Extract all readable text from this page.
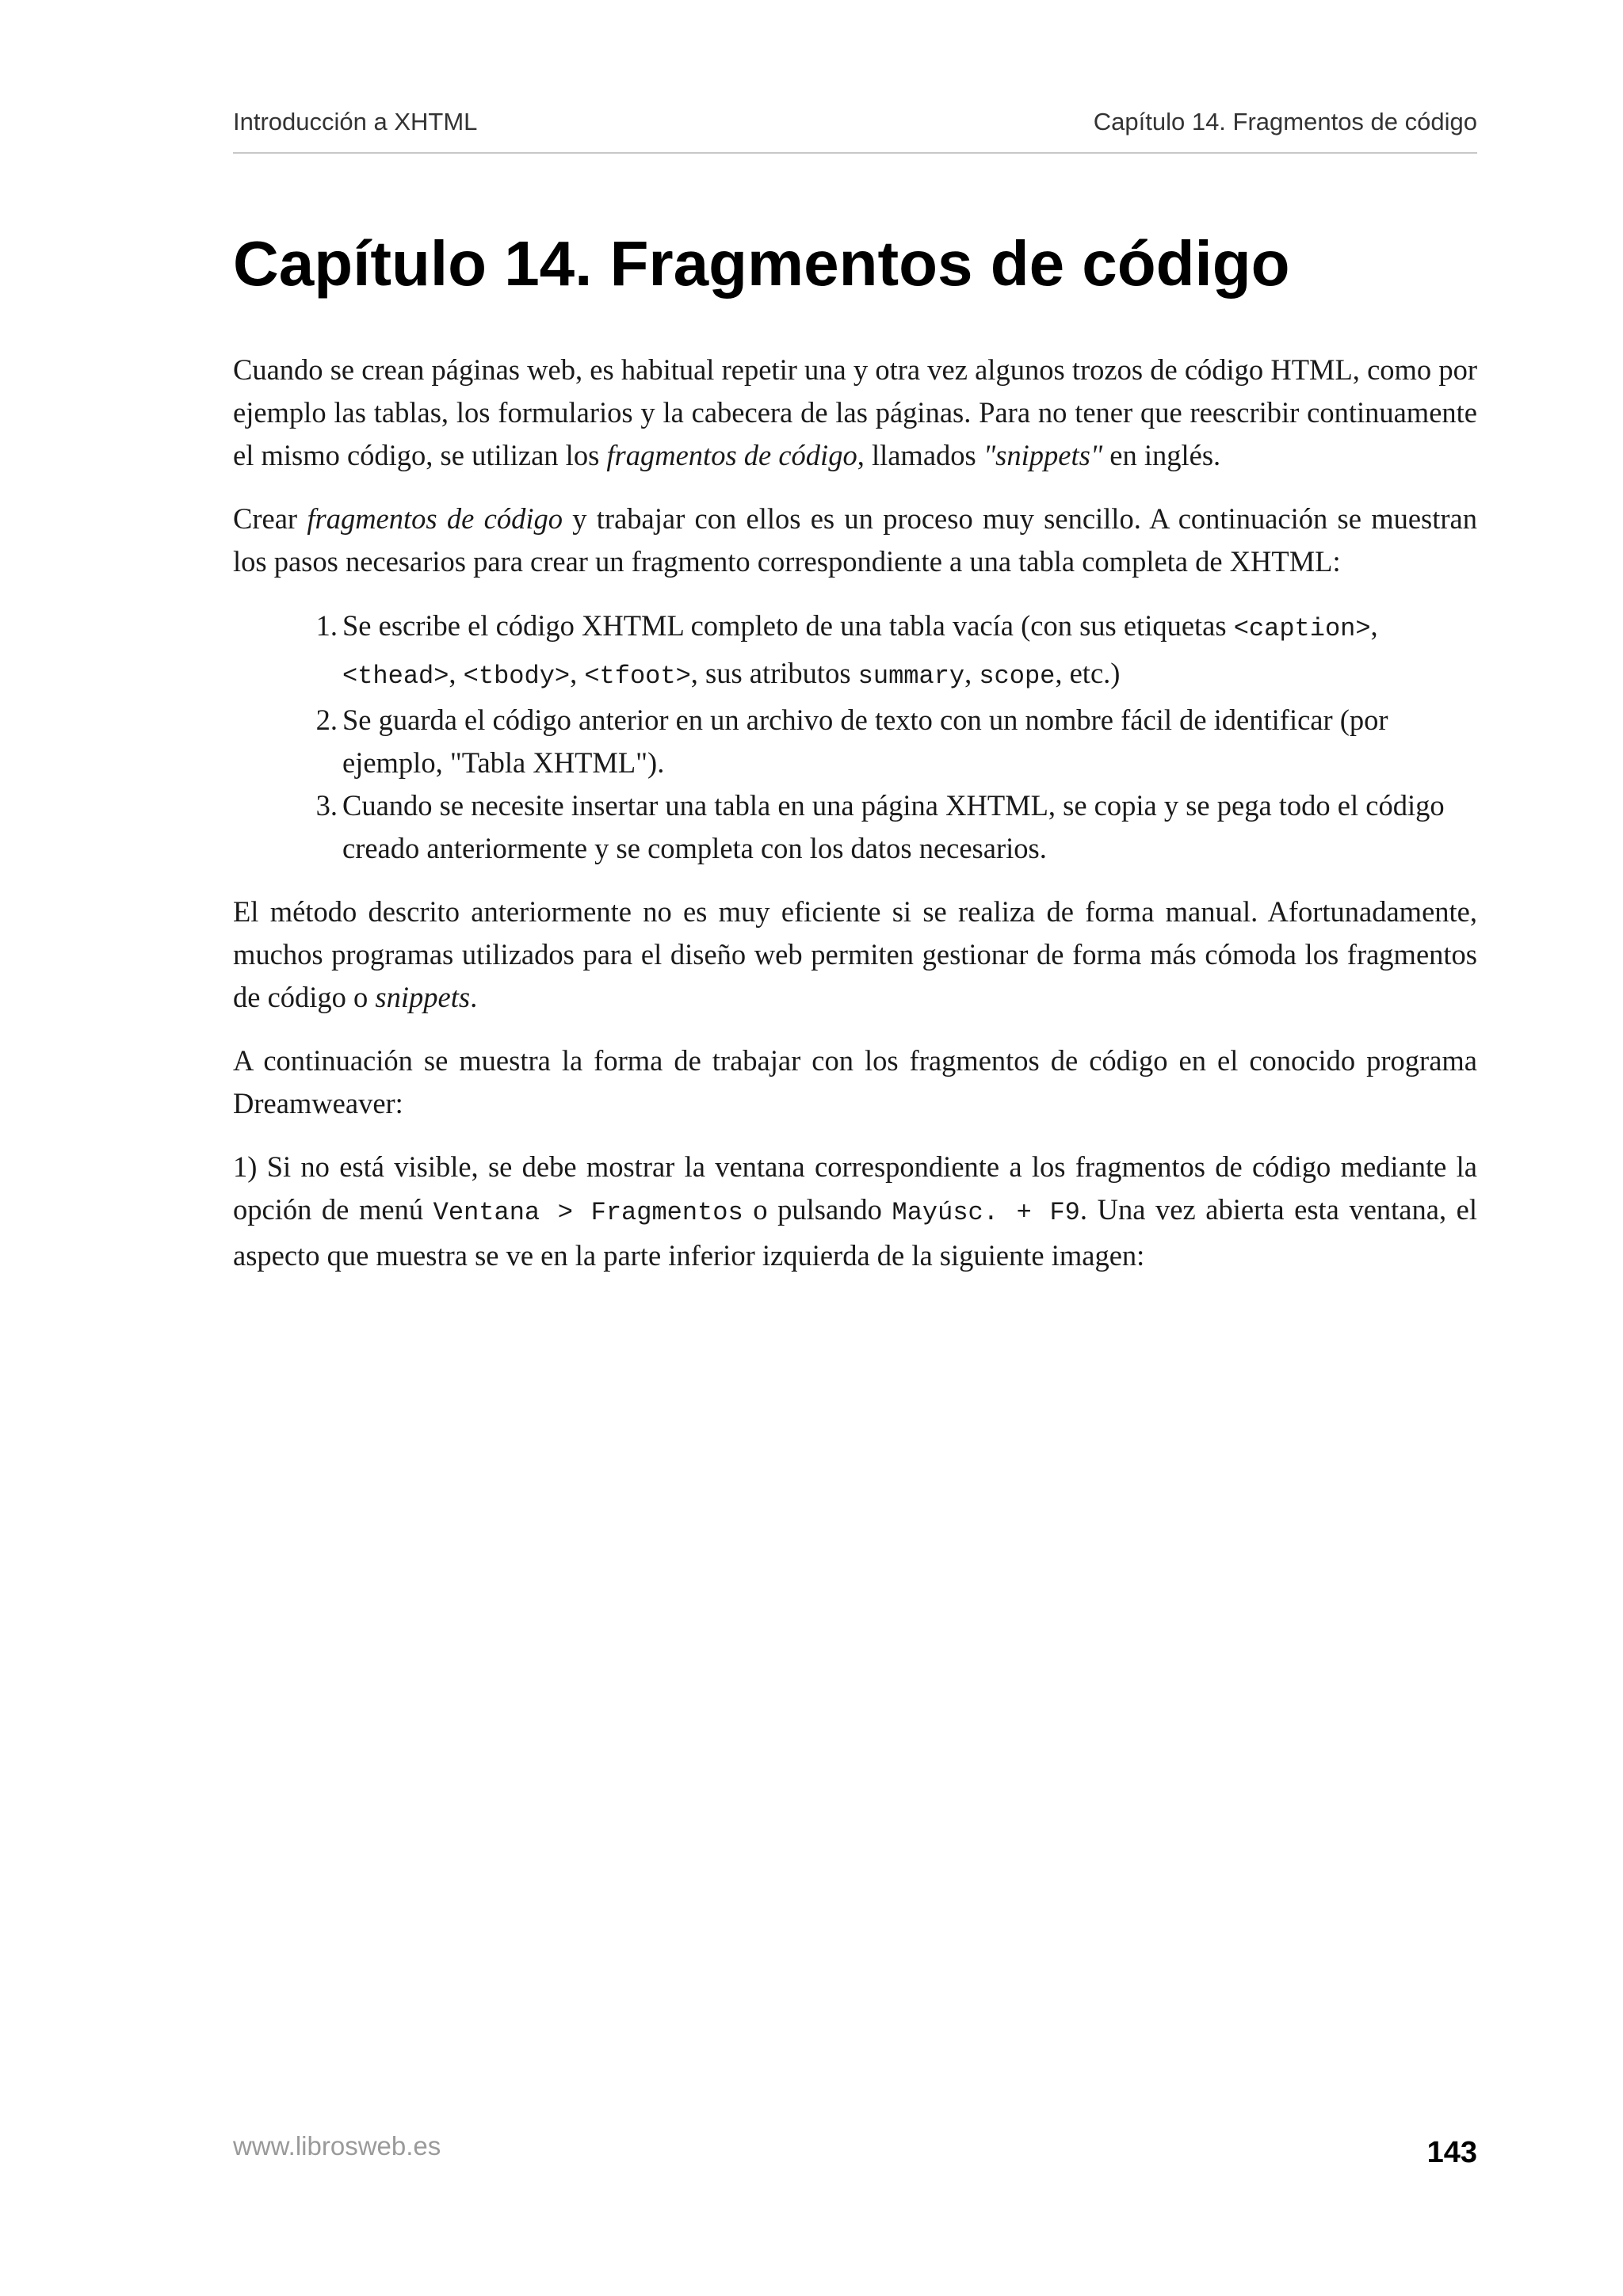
Introducción a XHTML	Capítulo 14. Fragmentos de código
Capítulo 14. Fragmentos de código

Cuando se crean páginas web, es habitual repetir una y otra vez algunos trozos de código HTML, como por ejemplo las tablas, los formularios y la cabecera de las páginas. Para no tener que reescribir continuamente el mismo código, se utilizan los fragmentos de código, llamados "snippets" en inglés.

Crear fragmentos de código y trabajar con ellos es un proceso muy sencillo. A continuación se muestran los pasos necesarios para crear un fragmento correspondiente a una tabla completa de XHTML:

1. Se escribe el código XHTML completo de una tabla vacía (con sus etiquetas <caption>, <thead>, <tbody>, <tfoot>, sus atributos summary, scope, etc.)
2. Se guarda el código anterior en un archivo de texto con un nombre fácil de identificar (por ejemplo, "Tabla XHTML").
3. Cuando se necesite insertar una tabla en una página XHTML, se copia y se pega todo el código creado anteriormente y se completa con los datos necesarios.

El método descrito anteriormente no es muy eficiente si se realiza de forma manual. Afortunadamente, muchos programas utilizados para el diseño web permiten gestionar de forma más cómoda los fragmentos de código o snippets.

A continuación se muestra la forma de trabajar con los fragmentos de código en el conocido programa Dreamweaver:

1) Si no está visible, se debe mostrar la ventana correspondiente a los fragmentos de código mediante la opción de menú Ventana > Fragmentos o pulsando Mayúsc. + F9. Una vez abierta esta ventana, el aspecto que muestra se ve en la parte inferior izquierda de la siguiente imagen:

www.librosweb.es	143
